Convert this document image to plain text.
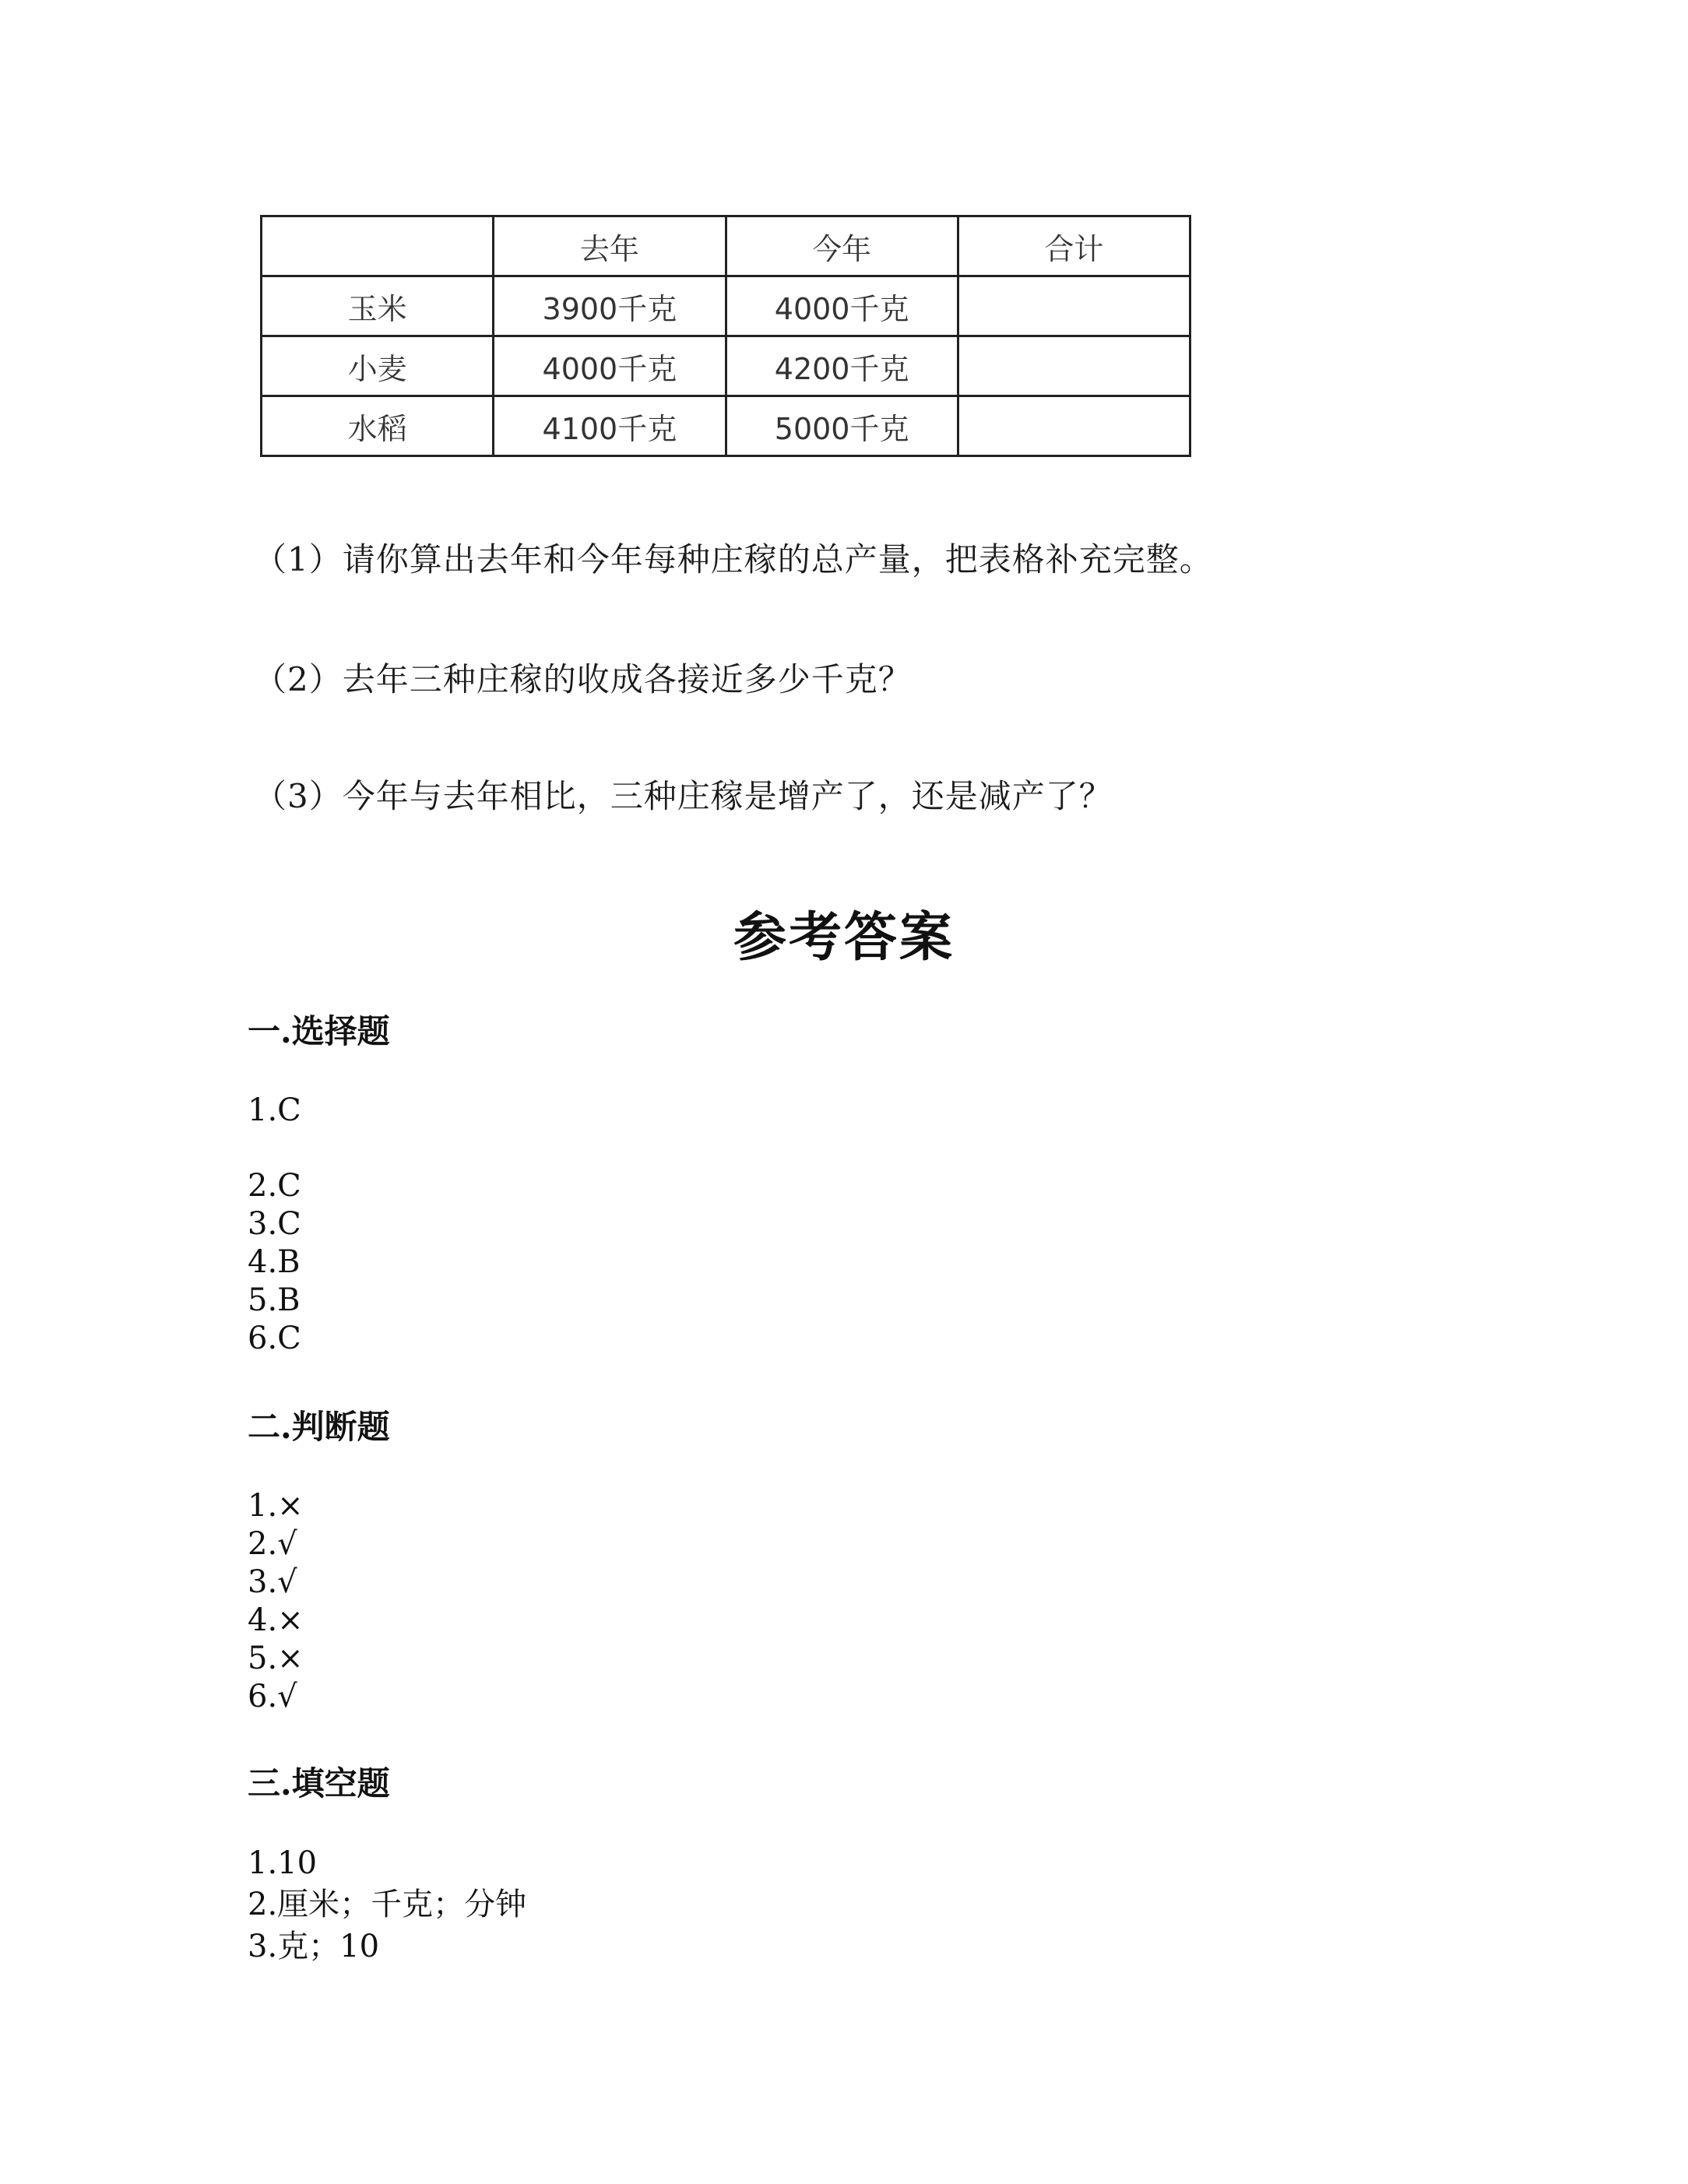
	去年	今年	合计
玉米	3900千克	4000千克	
小麦	4000千克	4200千克	
水稻	4100千克	5000千克	
（1）请你算出去年和今年每种庄稼的总产量，把表格补充完整。
（2）去年三种庄稼的收成各接近多少千克？
（3）今年与去年相比，三种庄稼是增产了，还是减产了？
参考答案
一.选择题
1.C
2.C
3.C
4.B
5.B
6.C
二.判断题
1.×
2.√
3.√
4.×
5.×
6.√
三.填空题
1.10
2.厘米；千克；分钟
3.克；10
